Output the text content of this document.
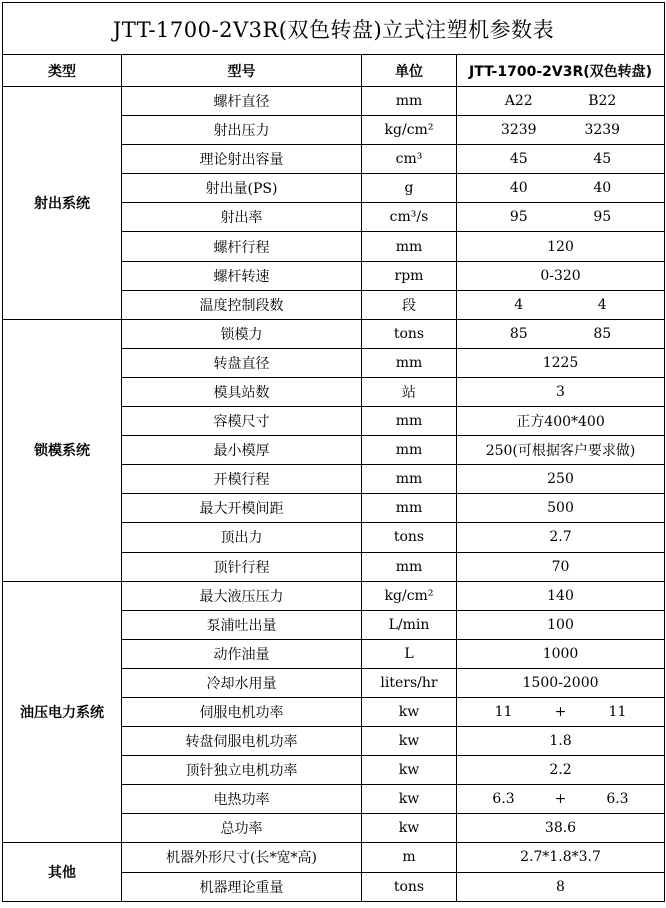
JTT-1700-2V3R(双色转盘)立式注塑机参数表			
类型	型号	单位	JTT-1700-2V3R(双色转盘)
射出系统	螺杆直径	mm	A22 B22

	射出压力	kg/cm²	3239 3239

	理论射出容量	cm³	45 45

	射出量(PS)	g	40 40

	射出率	cm³/s	95 95

	螺杆行程	mm	120
	螺杆转速	rpm	0-320
	温度控制段数	段	4 4

锁模系统	锁模力	tons	85 85

	转盘直径	mm	1225
	模具站数	站	3
	容模尺寸	mm	正方400*400
	最小模厚	mm	250(可根据客户要求做)
	开模行程	mm	250
	最大开模间距	mm	500
	顶出力	tons	2.7
	顶针行程	mm	70
油压电力系统	最大液压压力	kg/cm²	140
	泵浦吐出量	L/min	100
	动作油量	L	1000
	冷却水用量	liters/hr	1500-2000
	伺服电机功率	kw	11 + 11

	转盘伺服电机功率	kw	1.8
	顶针独立电机功率	kw	2.2
	电热功率	kw	6.3 + 6.3

	总功率	kw	38.6
其他	机器外形尺寸(长*宽*高)	m	2.7*1.8*3.7
	机器理论重量	tons	8
